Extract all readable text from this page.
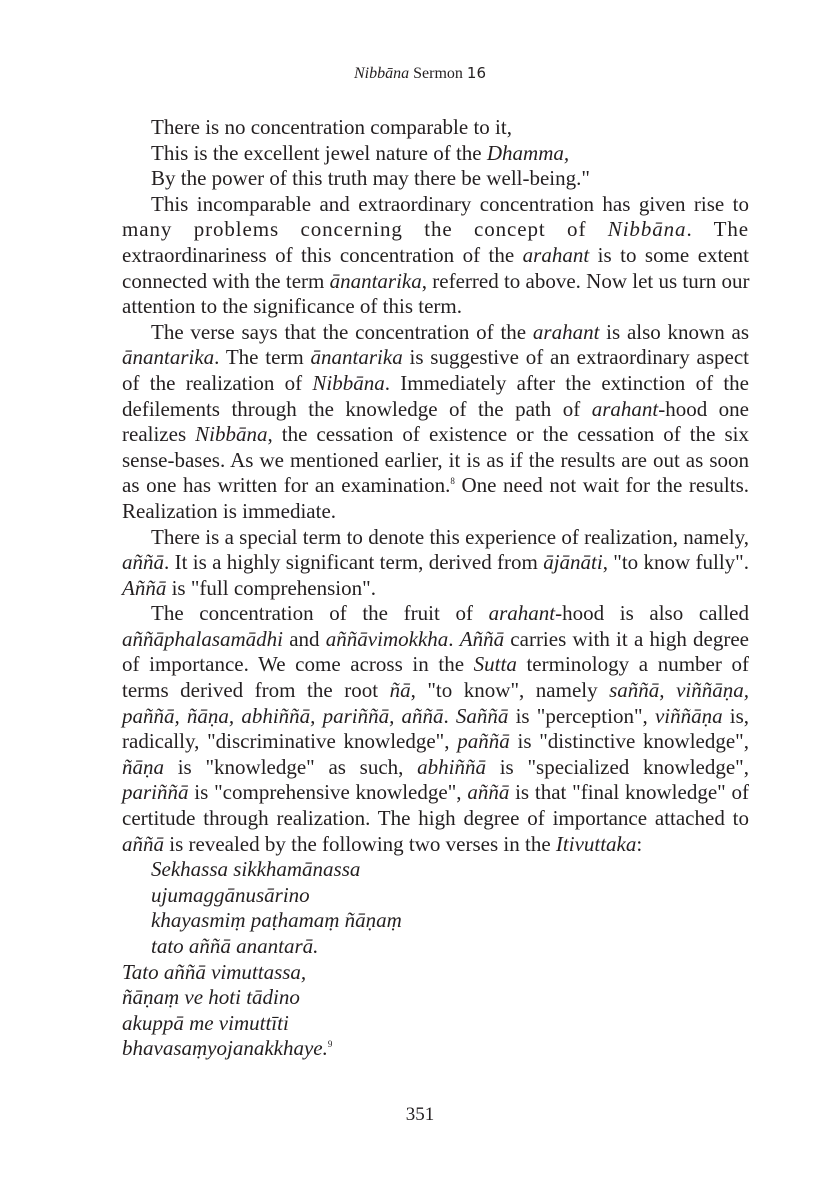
Nibbāna Sermon 16
There is no concentration comparable to it,
This is the excellent jewel nature of the Dhamma,
By the power of this truth may there be well-being."
This incomparable and extraordinary concentration has given rise to
many problems concerning the concept of Nibbāna. The
extraordinariness of this concentration of the arahant is to some extent
connected with the term ānantarika, referred to above. Now let us turn our
attention to the significance of this term.
The verse says that the concentration of the arahant is also known as
ānantarika. The term ānantarika is suggestive of an extraordinary aspect
of the realization of Nibbāna. Immediately after the extinction of the
defilements through the knowledge of the path of arahant-hood one
realizes Nibbāna, the cessation of existence or the cessation of the six
sense-bases. As we mentioned earlier, it is as if the results are out as soon
as one has written for an examination.$^8$ One need not wait for the results.
Realization is immediate.
There is a special term to denote this experience of realization, namely,
aññā. It is a highly significant term, derived from ājānāti, "to know fully".
Aññā is "full comprehension".
The concentration of the fruit of arahant-hood is also called
aññāphalasamādhi and aññāvimokkha. Aññā carries with it a high degree
of importance. We come across in the Sutta terminology a number of
terms derived from the root ñā, "to know", namely saññā, viññāṇa,
paññā, ñāṇa, abhiññā, pariññā, aññā. Saññā is "perception", viññāṇa is,
radically, "discriminative knowledge", paññā is "distinctive knowledge",
ñāṇa is "knowledge" as such, abhiññā is "specialized knowledge",
pariññā is "comprehensive knowledge", aññā is that "final knowledge" of
certitude through realization. The high degree of importance attached to
aññā is revealed by the following two verses in the Itivuttaka:
Sekhassa sikkhamānassa
ujumaggānusārino
khayasmiṃ paṭhamaṃ ñāṇaṃ
tato aññā anantarā.
Tato aññā vimuttassa,
ñāṇaṃ ve hoti tādino
akuppā me vimuttīti
bhavasaṃyojanakkhaye.$^9$
351
